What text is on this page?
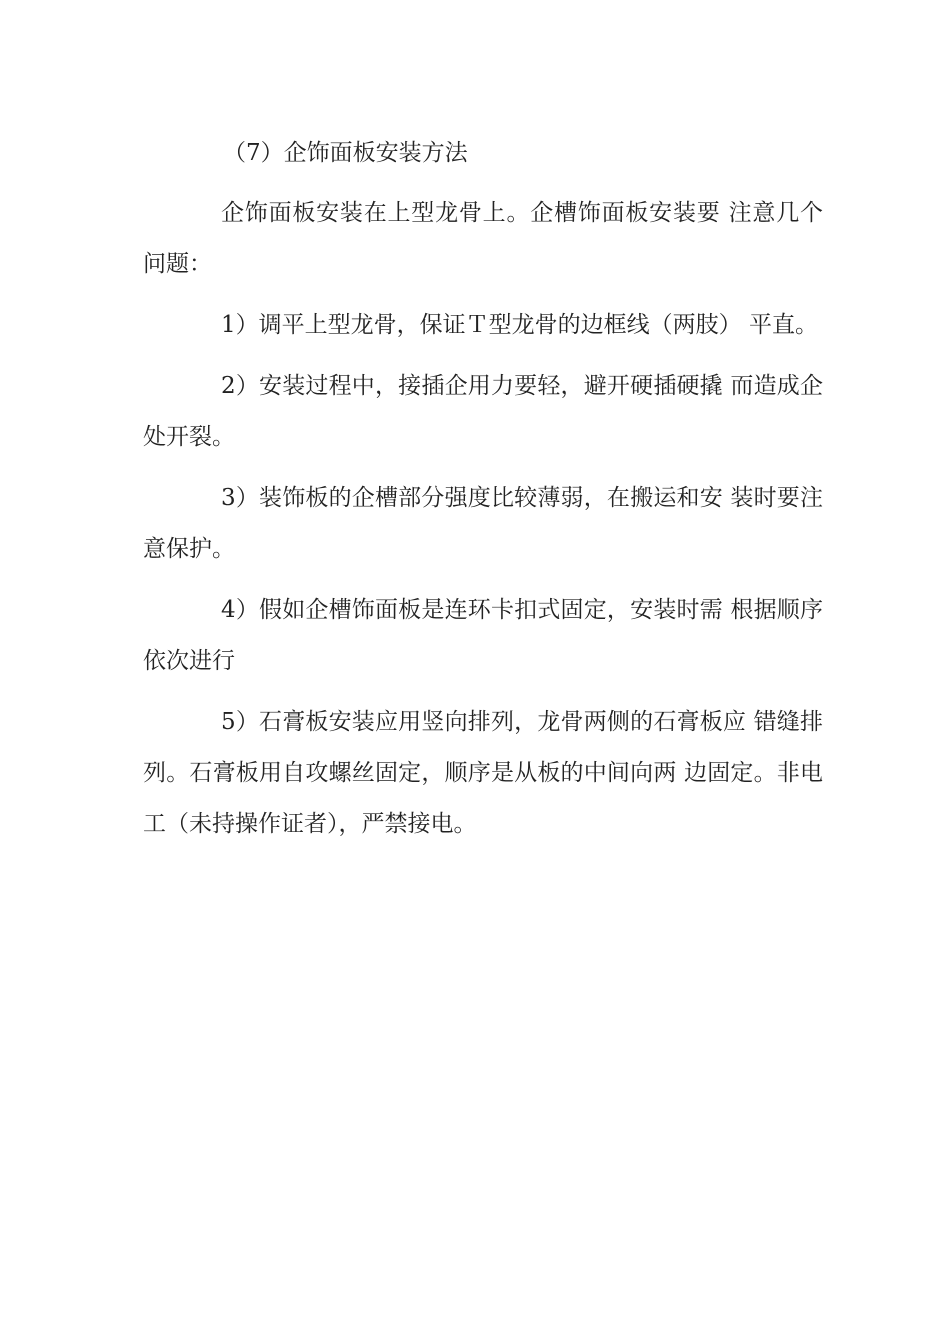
（7）企饰面板安装方法

企饰面板安装在上型龙骨上。企槽饰面板安装要 注意几个问题：

1）调平上型龙骨，保证Ｔ型龙骨的边框线（两肢） 平直。

2）安装过程中，接插企用力要轻，避开硬插硬撬 而造成企处开裂。

3）装饰板的企槽部分强度比较薄弱，在搬运和安 装时要注意保护。

4）假如企槽饰面板是连环卡扣式固定，安装时需 根据顺序依次进行

5）石膏板安装应用竖向排列，龙骨两侧的石膏板应 错缝排列。石膏板用自攻螺丝固定，顺序是从板的中间向两 边固定。非电工（未持操作证者），严禁接电。
